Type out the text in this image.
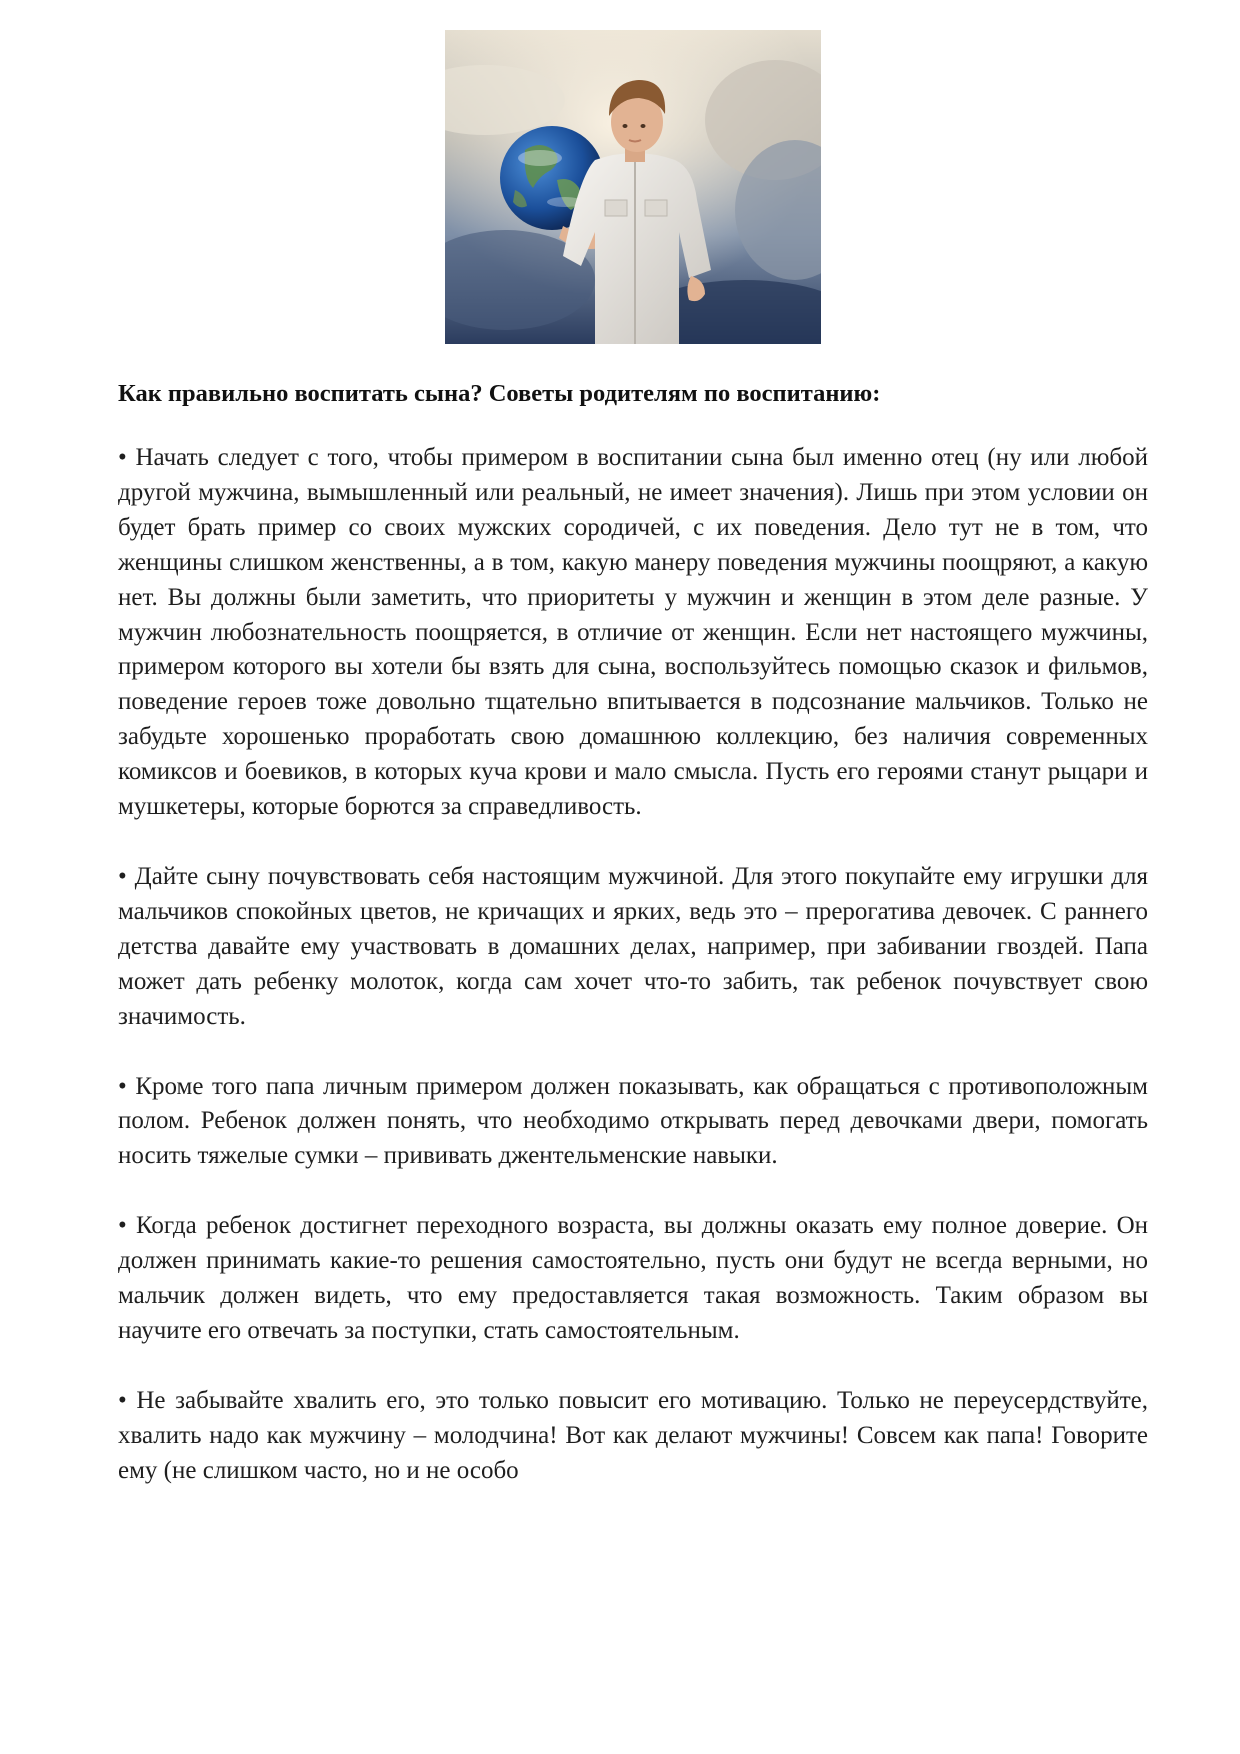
Как правильно воспитать сына? Советы родителям по воспитанию:

• Начать следует с того, чтобы примером в воспитании сына был именно отец (ну или любой другой мужчина, вымышленный или реальный, не имеет значения). Лишь при этом условии он будет брать пример со своих мужских сородичей, с их поведения. Дело тут не в том, что женщины слишком женственны, а в том, какую манеру поведения мужчины поощряют, а какую нет. Вы должны были заметить, что приоритеты у мужчин и женщин в этом деле разные. У мужчин любознательность поощряется, в отличие от женщин. Если нет настоящего мужчины, примером которого вы хотели бы взять для сына, воспользуйтесь помощью сказок и фильмов, поведение героев тоже довольно тщательно впитывается в подсознание мальчиков. Только не забудьте хорошенько проработать свою домашнюю коллекцию, без наличия современных комиксов и боевиков, в которых куча крови и мало смысла. Пусть его героями станут рыцари и мушкетеры, которые борются за справедливость.

• Дайте сыну почувствовать себя настоящим мужчиной. Для этого покупайте ему игрушки для мальчиков спокойных цветов, не кричащих и ярких, ведь это – прерогатива девочек. С раннего детства давайте ему участвовать в домашних делах, например, при забивании гвоздей. Папа может дать ребенку молоток, когда сам хочет что-то забить, так ребенок почувствует свою значимость.

• Кроме того папа личным примером должен показывать, как обращаться с противоположным полом. Ребенок должен понять, что необходимо открывать перед девочками двери, помогать носить тяжелые сумки – прививать джентельменские навыки.

• Когда ребенок достигнет переходного возраста, вы должны оказать ему полное доверие. Он должен принимать какие-то решения самостоятельно, пусть они будут не всегда верными, но мальчик должен видеть, что ему предоставляется такая возможность. Таким образом вы научите его отвечать за поступки, стать самостоятельным.

• Не забывайте хвалить его, это только повысит его мотивацию. Только не переусердствуйте, хвалить надо как мужчину – молодчина! Вот как делают мужчины! Совсем как папа! Говорите ему (не слишком часто, но и не особо
